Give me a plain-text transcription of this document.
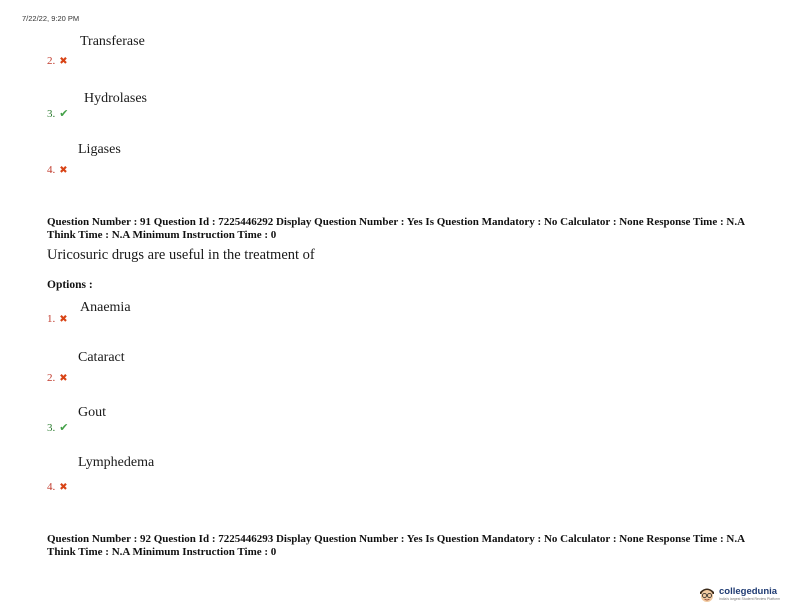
7/22/22, 9:20 PM
Transferase
2. ✖
Hydrolases
3. ✔
Ligases
4. ✖
Question Number : 91 Question Id : 7225446292 Display Question Number : Yes Is Question Mandatory : No Calculator : None Response Time : N.A Think Time : N.A Minimum Instruction Time : 0
Uricosuric drugs are useful in the treatment of
Options :
Anaemia
1. ✖
Cataract
2. ✖
Gout
3. ✔
Lymphedema
4. ✖
Question Number : 92 Question Id : 7225446293 Display Question Number : Yes Is Question Mandatory : No Calculator : None Response Time : N.A Think Time : N.A Minimum Instruction Time : 0
collegedunia
India's largest Student Review Platform
